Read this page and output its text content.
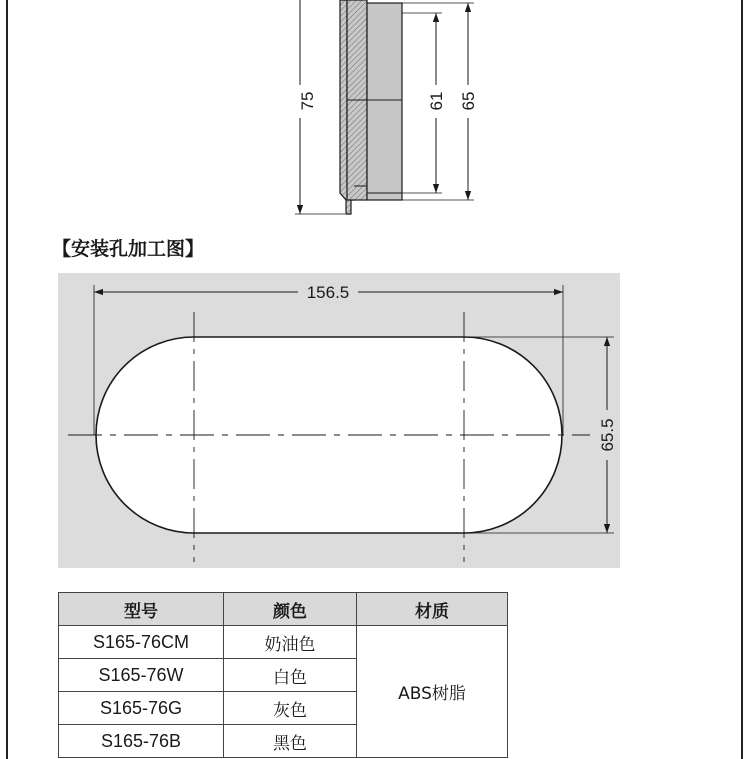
75	61 65
156.5
65.5
【安装孔加工图】
型号	颜色	材质
S165-76CM	奶油色	ABS树脂
S165-76W	白色	
S165-76G	灰色	
S165-76B	黑色	
